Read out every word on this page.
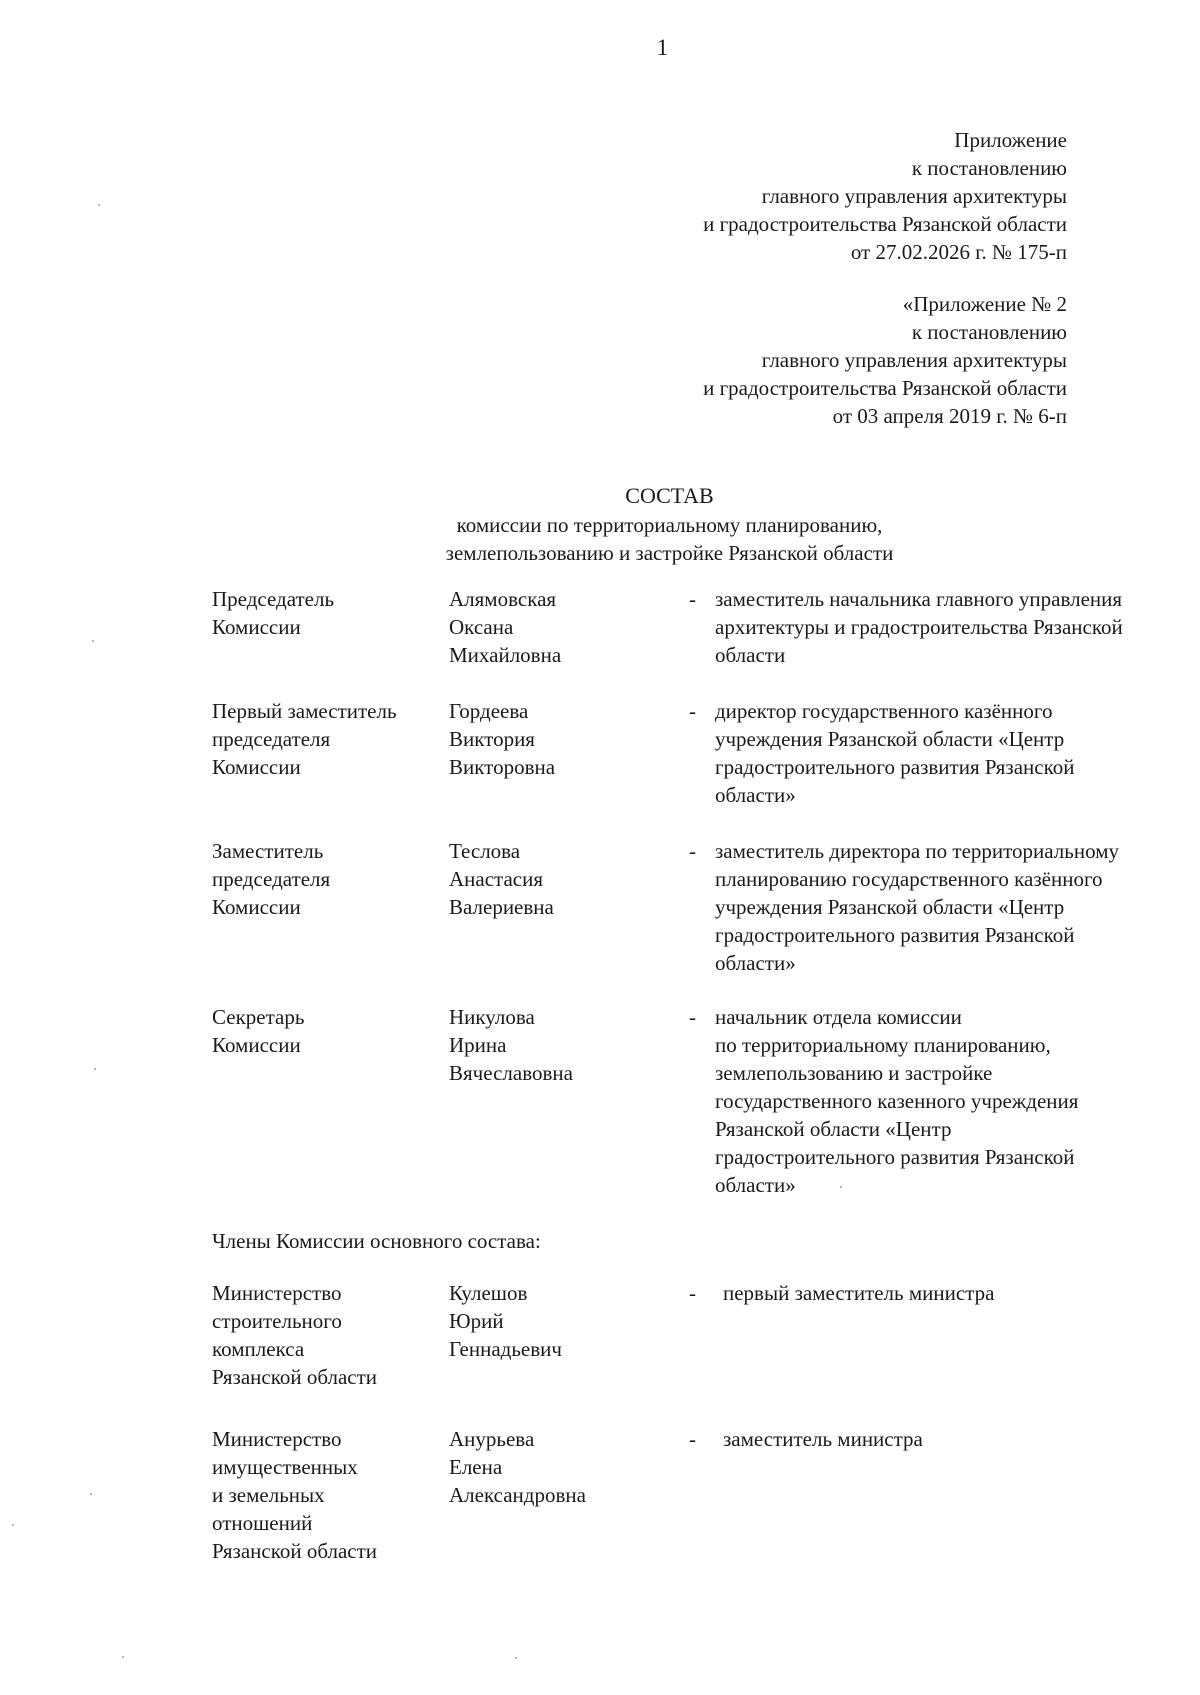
1
Приложение
к постановлению
главного управления архитектуры
и градостроительства Рязанской области
от 27.02.2026 г. № 175-п
«Приложение № 2
к постановлению
главного управления архитектуры
и градостроительства Рязанской области
от 03 апреля 2019 г. № 6-п
СОСТАВ
комиссии по территориальному планированию,
землепользованию и застройке Рязанской области
Председатель
Комиссии
Алямовская
Оксана
Михайловна
- заместитель начальника главного управления
архитектуры и градостроительства Рязанской
области
Первый заместитель
председателя
Комиссии
Гордеева
Виктория
Викторовна
- директор государственного казённого
учреждения Рязанской области «Центр
градостроительного развития Рязанской
области»
Заместитель
председателя
Комиссии
Теслова
Анастасия
Валериевна
- заместитель директора по территориальному
планированию государственного казённого
учреждения Рязанской области «Центр
градостроительного развития Рязанской
области»
Секретарь
Комиссии
Никулова
Ирина
Вячеславовна
- начальник отдела комиссии
по территориальному планированию,
землепользованию и застройке
государственного казенного учреждения
Рязанской области «Центр
градостроительного развития Рязанской
области»
Члены Комиссии основного состава:
Министерство
строительного
комплекса
Рязанской области
Кулешов
Юрий
Геннадьевич
-	первый заместитель министра
Министерство
имущественных
и земельных
отношений
Рязанской области
Анурьева
Елена
Александровна
-	заместитель министра
